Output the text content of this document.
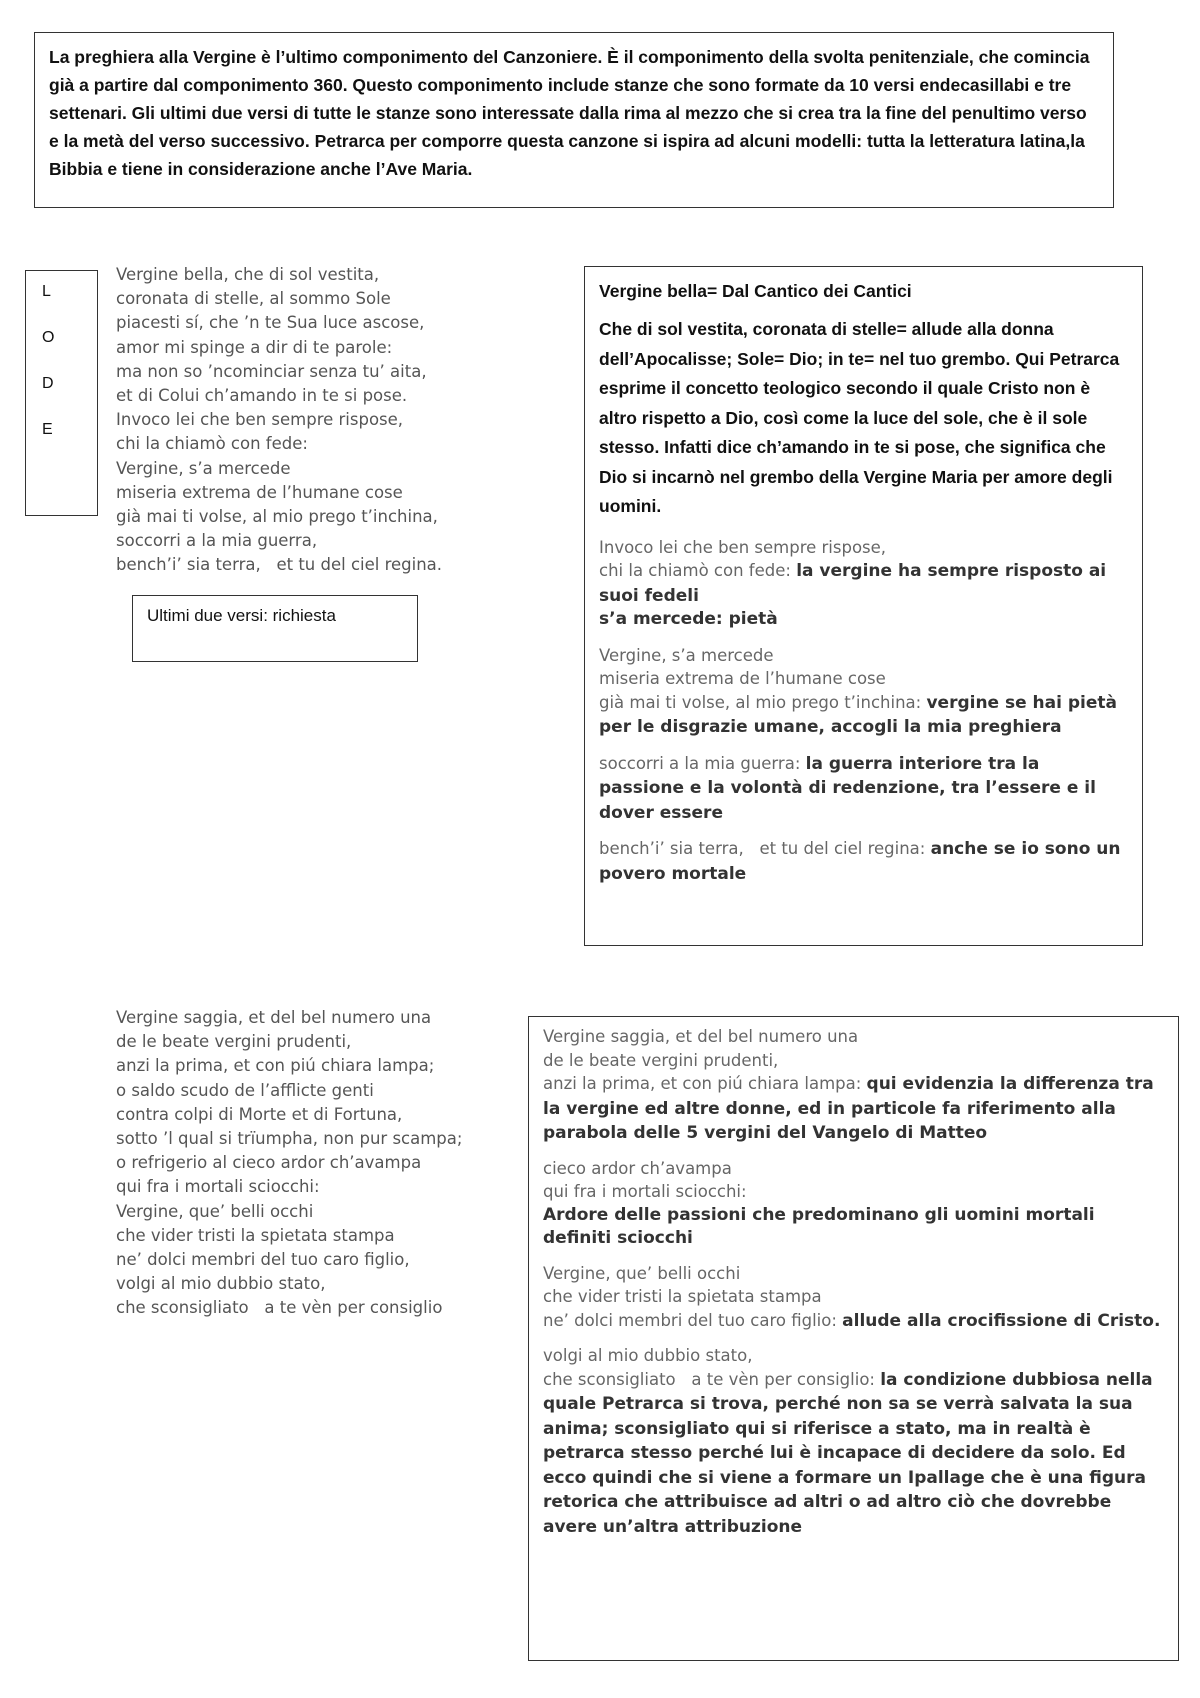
La preghiera alla Vergine è l’ultimo componimento del Canzoniere. È il componimento della svolta penitenziale, che comincia già a partire dal componimento 360. Questo componimento include stanze che sono formate da 10 versi endecasillabi e tre settenari. Gli ultimi due versi di tutte le stanze sono interessate dalla rima al mezzo che si crea tra la fine del penultimo verso e la metà del verso successivo. Petrarca per comporre questa canzone si ispira ad alcuni modelli: tutta la letteratura latina,la Bibbia e tiene in considerazione anche l’Ave Maria.

L
O
D
E
Vergine bella, che di sol vestita,
coronata di stelle, al sommo Sole
piacesti sí, che ’n te Sua luce ascose,
amor mi spinge a dir di te parole:
ma non so ’ncominciar senza tu’ aita,
et di Colui ch’amando in te si pose.
Invoco lei che ben sempre rispose,
chi la chiamò con fede:
Vergine, s’a mercede
miseria extrema de l’humane cose
già mai ti volse, al mio prego t’inchina,
soccorri a la mia guerra,
bench’i’ sia terra,   et tu del ciel regina.
Ultimi due versi: richiesta
Vergine bella= Dal Cantico dei Cantici
Che di sol vestita, coronata di stelle= allude alla donna dell’Apocalisse; Sole= Dio; in te= nel tuo grembo. Qui Petrarca esprime il concetto teologico secondo il quale Cristo non è altro rispetto a Dio, così come la luce del sole, che è il sole stesso. Infatti dice ch’amando in te si pose, che significa che Dio si incarnò nel grembo della Vergine Maria per amore degli uomini.
Invoco lei che ben sempre rispose,
chi la chiamò con fede: la vergine ha sempre risposto ai suoi fedeli
s’a mercede: pietà
Vergine, s’a mercede
miseria extrema de l’humane cose
già mai ti volse, al mio prego t’inchina: vergine se hai pietà per le disgrazie umane, accogli la mia preghiera
soccorri a la mia guerra: la guerra interiore tra la passione e la volontà di redenzione, tra l’essere e il dover essere
bench’i’ sia terra,   et tu del ciel regina: anche se io sono un povero mortale
Vergine saggia, et del bel numero una
de le beate vergini prudenti,
anzi la prima, et con piú chiara lampa;
o saldo scudo de l’afflicte genti
contra colpi di Morte et di Fortuna,
sotto ’l qual si trïumpha, non pur scampa;
o refrigerio al cieco ardor ch’avampa
qui fra i mortali sciocchi:
Vergine, que’ belli occhi
che vider tristi la spietata stampa
ne’ dolci membri del tuo caro figlio,
volgi al mio dubbio stato,
che sconsigliato   a te vèn per consiglio
Vergine saggia, et del bel numero una
de le beate vergini prudenti,
anzi la prima, et con piú chiara lampa: qui evidenzia la differenza tra la vergine ed altre donne, ed in particole fa riferimento alla parabola delle 5 vergini del Vangelo di Matteo
cieco ardor ch’avampa
qui fra i mortali sciocchi:
Ardore delle passioni che predominano gli uomini mortali definiti sciocchi
Vergine, que’ belli occhi
che vider tristi la spietata stampa
ne’ dolci membri del tuo caro figlio: allude alla crocifissione di Cristo.
volgi al mio dubbio stato,
che sconsigliato   a te vèn per consiglio: la condizione dubbiosa nella quale Petrarca si trova, perché non sa se verrà salvata la sua anima; sconsigliato qui si riferisce a stato, ma in realtà è petrarca stesso perché lui è incapace di decidere da solo. Ed ecco quindi che si viene a formare un Ipallage che è una figura retorica che attribuisce ad altri o ad altro ciò che dovrebbe avere un’altra attribuzione
